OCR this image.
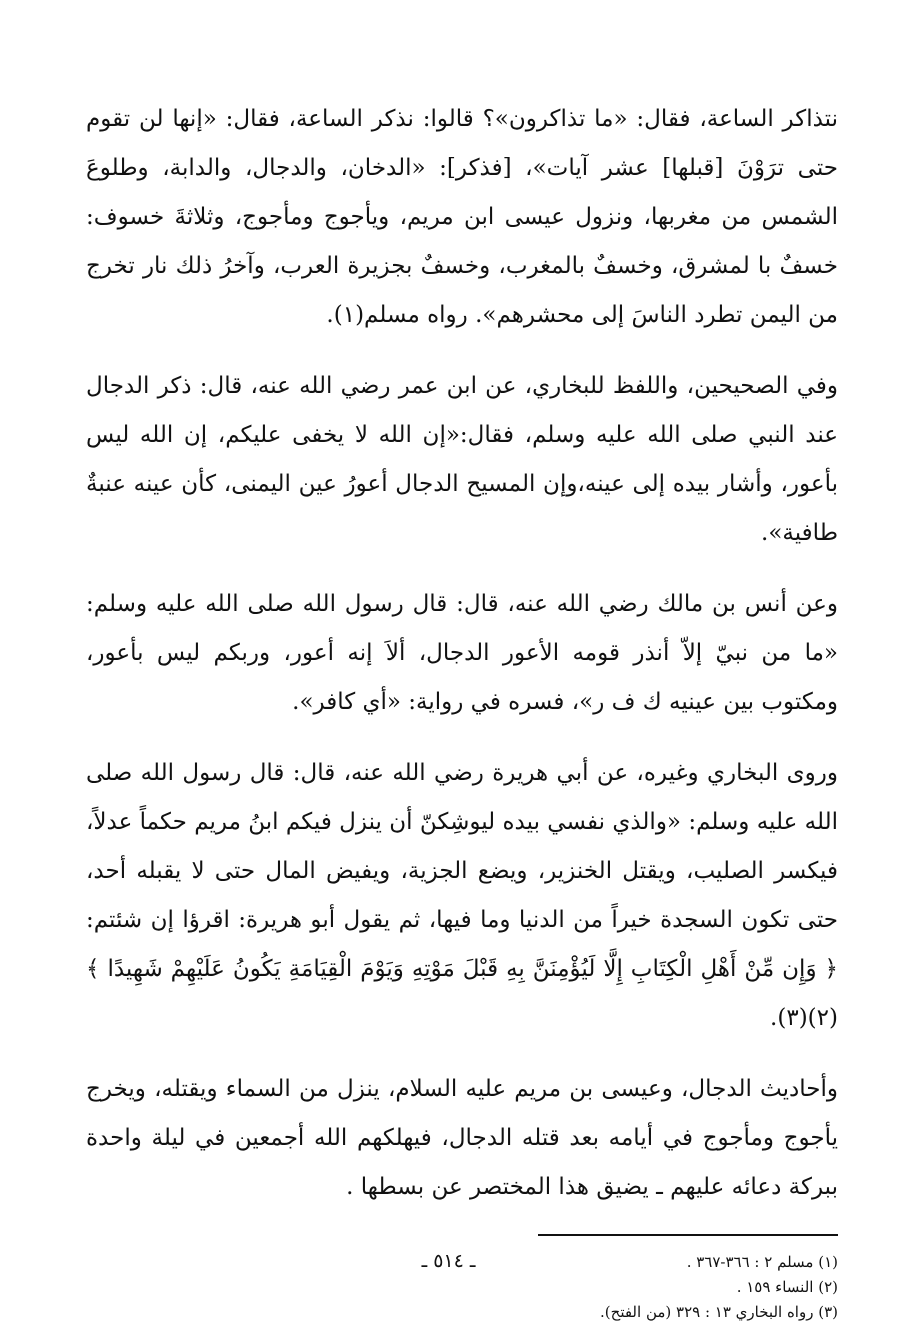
نتذاكر الساعة، فقال: «ما تذاكرون»؟ قالوا: نذكر الساعة، فقال: «إنها لن تقوم حتى ترَوْنَ [قبلها] عشر آيات»، [فذكر]: «الدخان، والدجال، والدابة، وطلوعَ الشمس من مغربها، ونزول عيسى ابن مريم، ويأجوج ومأجوج، وثلاثةَ خسوف: خسفٌ با لمشرق، وخسفٌ بالمغرب، وخسفٌ بجزيرة العرب، وآخرُ ذلك نار تخرج من اليمن تطرد الناسَ إلى محشرهم». رواه مسلم(١).

وفي الصحيحين، واللفظ للبخاري، عن ابن عمر رضي الله عنه، قال: ذكر الدجال عند النبي صلى الله عليه وسلم، فقال:«إن الله لا يخفى عليكم، إن الله ليس بأعور، وأشار بيده إلى عينه،وإن المسيح الدجال أعورُ عين اليمنى، كأن عينه عنبةٌ طافية».

وعن أنس بن مالك رضي الله عنه، قال: قال رسول الله صلى الله عليه وسلم: «ما من نبيّ إلاّ أنذر قومه الأعور الدجال، ألاَ إنه أعور، وربكم ليس بأعور، ومكتوب بين عينيه ك ف ر»، فسره في رواية: «أي كافر».

وروى البخاري وغيره، عن أبي هريرة رضي الله عنه، قال: قال رسول الله صلى الله عليه وسلم: «والذي نفسي بيده ليوشِكنّ أن ينزل فيكم ابنُ مريم حكماً عدلاً، فيكسر الصليب، ويقتل الخنزير، ويضع الجزية، ويفيض المال حتى لا يقبله أحد، حتى تكون السجدة خيراً من الدنيا وما فيها، ثم يقول أبو هريرة: اقرؤا إن شئتم: ﴿ وَإِن مِّنْ أَهْلِ الْكِتَابِ إِلَّا لَيُؤْمِنَنَّ بِهِ قَبْلَ مَوْتِهِ وَيَوْمَ الْقِيَامَةِ يَكُونُ عَلَيْهِمْ شَهِيدًا ﴾(٢)(٣).

وأحاديث الدجال، وعيسى بن مريم عليه السلام، ينزل من السماء ويقتله، ويخرج يأجوج ومأجوج في أيامه بعد قتله الدجال، فيهلكهم الله أجمعين في ليلة واحدة ببركة دعائه عليهم ـ يضيق هذا المختصر عن بسطها .

(١) مسلم ٢ : ٣٦٦-٣٦٧ .
(٢) النساء ١٥٩ .
(٣) رواه البخاري ١٣ : ٣٢٩ (من الفتح).
ـ ٥١٤ ـ
